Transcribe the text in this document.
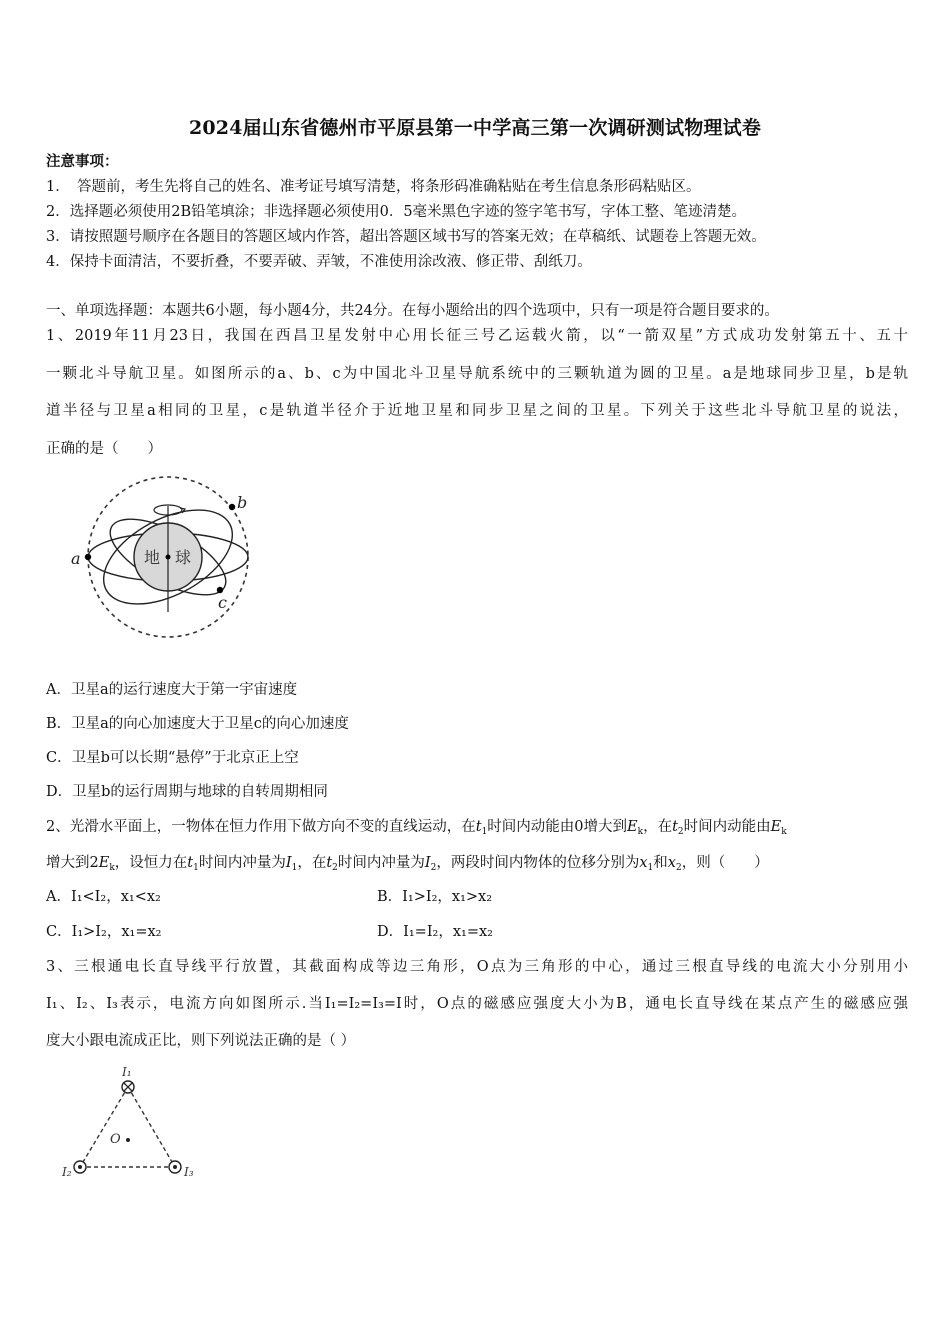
2024届山东省德州市平原县第一中学高三第一次调研测试物理试卷
注意事项：
1．　答题前，考生先将自己的姓名、准考证号填写清楚，将条形码准确粘贴在考生信息条形码粘贴区。
2．选择题必须使用2B铅笔填涂；非选择题必须使用0．5毫米黑色字迹的签字笔书写，字体工整、笔迹清楚。
3．请按照题号顺序在各题目的答题区域内作答，超出答题区域书写的答案无效；在草稿纸、试题卷上答题无效。
4．保持卡面清洁，不要折叠，不要弄破、弄皱，不准使用涂改液、修正带、刮纸刀。
一、单项选择题：本题共6小题，每小题4分，共24分。在每小题给出的四个选项中，只有一项是符合题目要求的。
1、2019年11月23日，我国在西昌卫星发射中心用长征三号乙运载火箭，以“一箭双星”方式成功发射第五十、五十
一颗北斗导航卫星。如图所示的a、b、c为中国北斗卫星导航系统中的三颗轨道为圆的卫星。a是地球同步卫星，b是轨
道半径与卫星a相同的卫星，c是轨道半径介于近地卫星和同步卫星之间的卫星。下列关于这些北斗导航卫星的说法，
正确的是（　　）
地 球
a
b
c
A．卫星a的运行速度大于第一宇宙速度
B．卫星a的向心加速度大于卫星c的向心加速度
C．卫星b可以长期“悬停”于北京正上空
D．卫星b的运行周期与地球的自转周期相同
2、光滑水平面上，一物体在恒力作用下做方向不变的直线运动，在$t_1$时间内动能由0增大到$E_k$，在$t_2$时间内动能由$E_k$
增大到$2E_k$，设恒力在$t_1$时间内冲量为$I_1$，在$t_2$时间内冲量为$I_2$，两段时间内物体的位移分别为$x_1$和$x_2$，则（　　）
A．I₁<I₂，x₁<x₂	B．I₁>I₂，x₁>x₂
C．I₁>I₂，x₁=x₂	D．I₁=I₂，x₁=x₂
3、三根通电长直导线平行放置，其截面构成等边三角形，O点为三角形的中心，通过三根直导线的电流大小分别用小
I₁、I₂、I₃表示，电流方向如图所示.当I₁=I₂=I₃=I时，O点的磁感应强度大小为B，通电长直导线在某点产生的磁感应强
度大小跟电流成正比，则下列说法正确的是（ ）
I₁
I₂	I₃
O
